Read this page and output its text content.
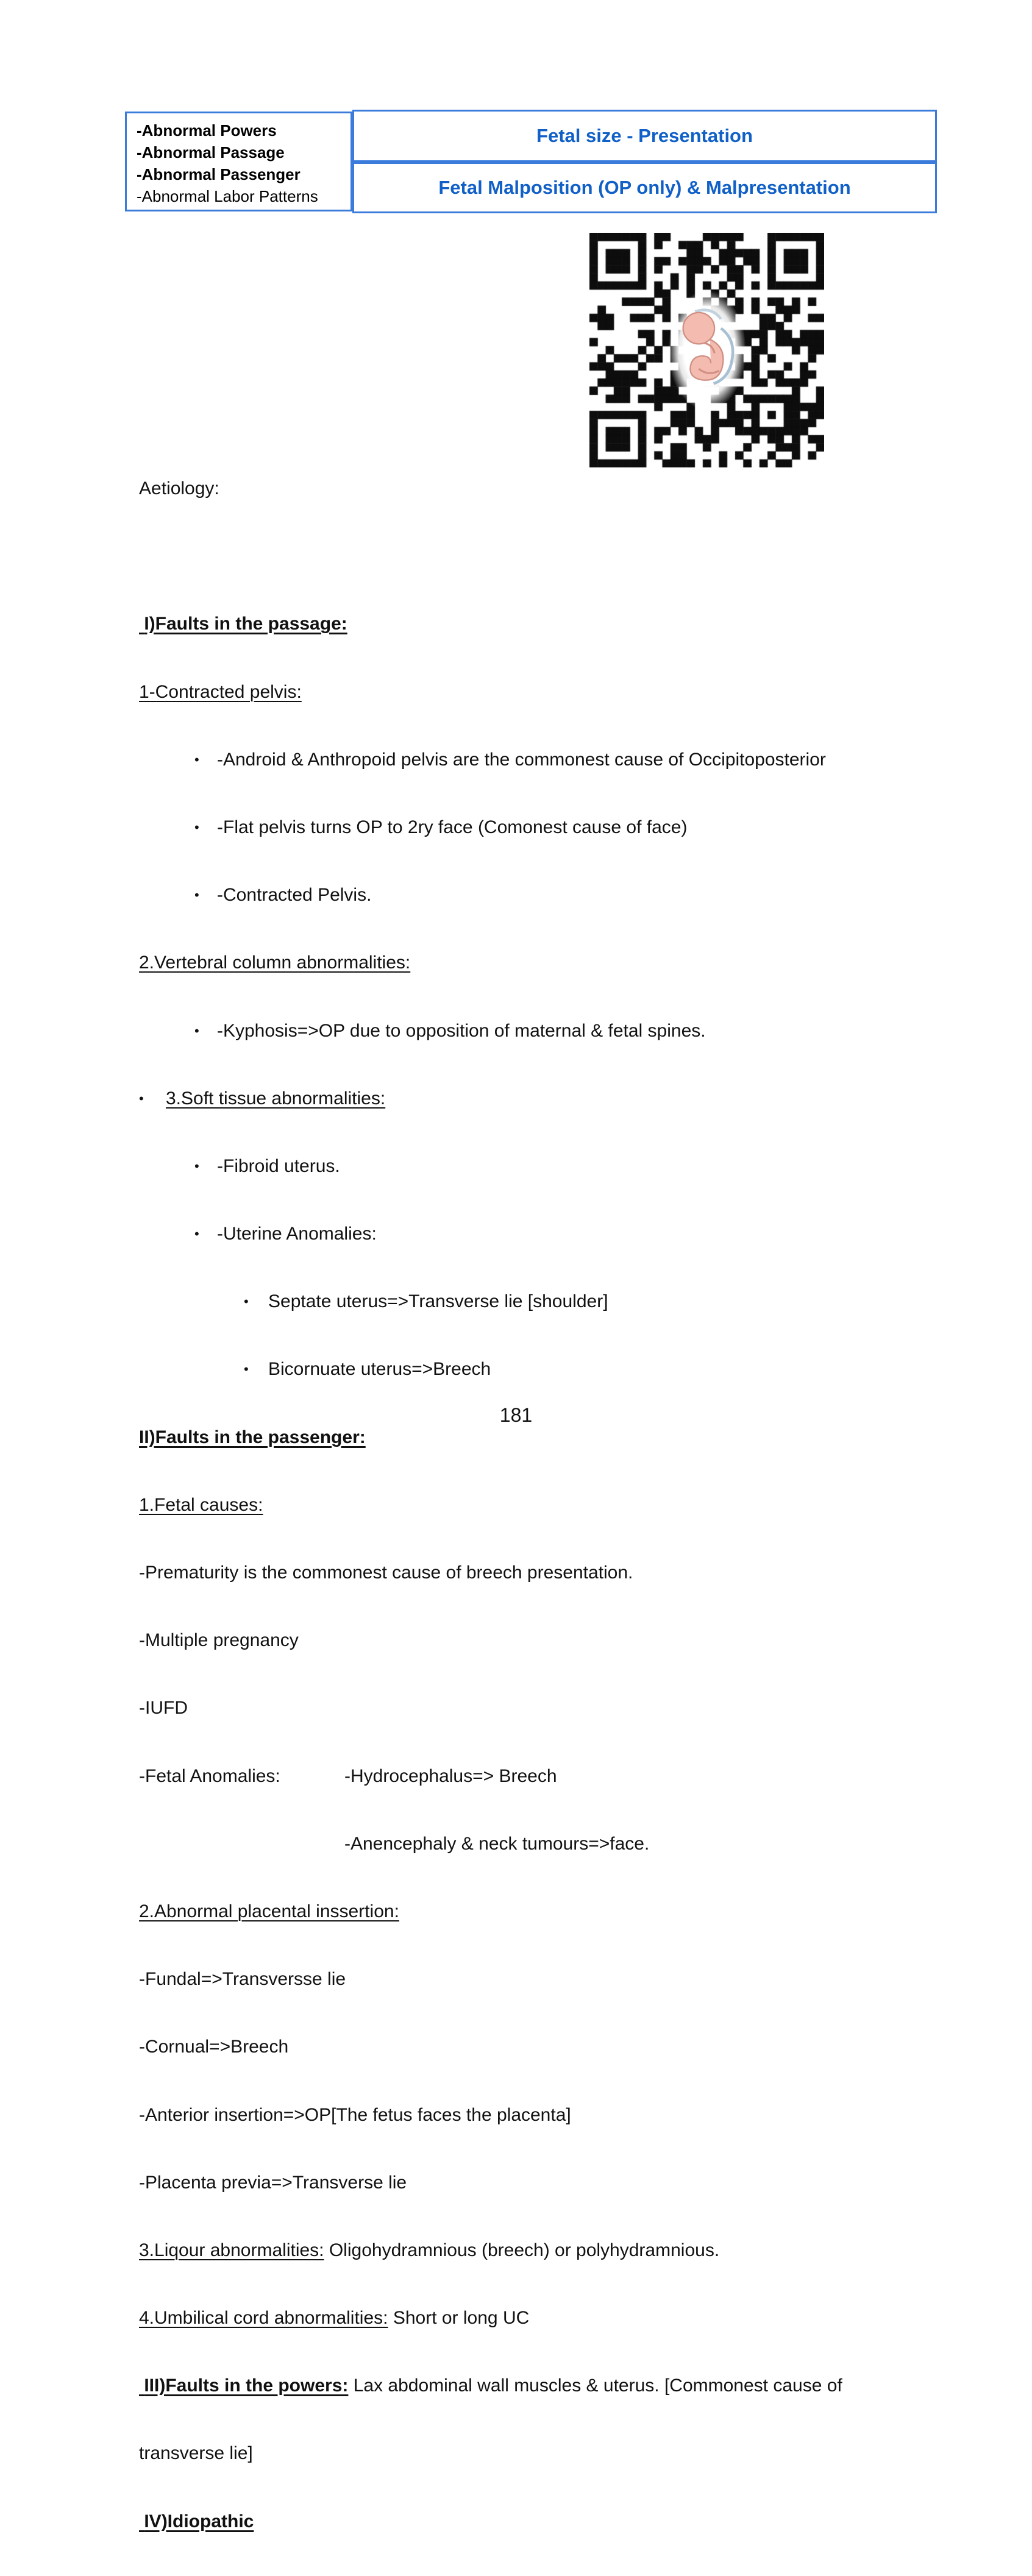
-Abnormal Powers
-Abnormal Passage
-Abnormal Passenger
-Abnormal Labor Patterns
Fetal size - Presentation
Fetal Malposition (OP only) & Malpresentation

Aetiology:

I)Faults in the passage:

1-Contracted pelvis:

• -Android & Anthropoid pelvis are the commonest cause of Occipitoposterior

• -Flat pelvis turns OP to 2ry face (Comonest cause of face)

• -Contracted Pelvis.

2.Vertebral column abnormalities:

• -Kyphosis=>OP due to opposition of maternal & fetal spines.

•	3.Soft tissue abnormalities:

• -Fibroid uterus.

• -Uterine Anomalies:

•	Septate uterus=>Transverse lie [shoulder]

•	Bicornuate uterus=>Breech

II)Faults in the passenger:

1.Fetal causes:

-Prematurity is the commonest cause of breech presentation.

-Multiple pregnancy

-IUFD

-Fetal Anomalies:	-Hydrocephalus=> Breech

-Anencephaly & neck tumours=>face.

2.Abnormal placental inssertion:

-Fundal=>Transversse lie

-Cornual=>Breech

-Anterior insertion=>OP[The fetus faces the placenta]

-Placenta previa=>Transverse lie

3.Liqour abnormalities: Oligohydramnious (breech) or polyhydramnious.

4.Umbilical cord abnormalities: Short or long UC

III)Faults in the powers: Lax abdominal wall muscles & uterus. [Commonest cause of

transverse lie]

IV)Idiopathic

181
